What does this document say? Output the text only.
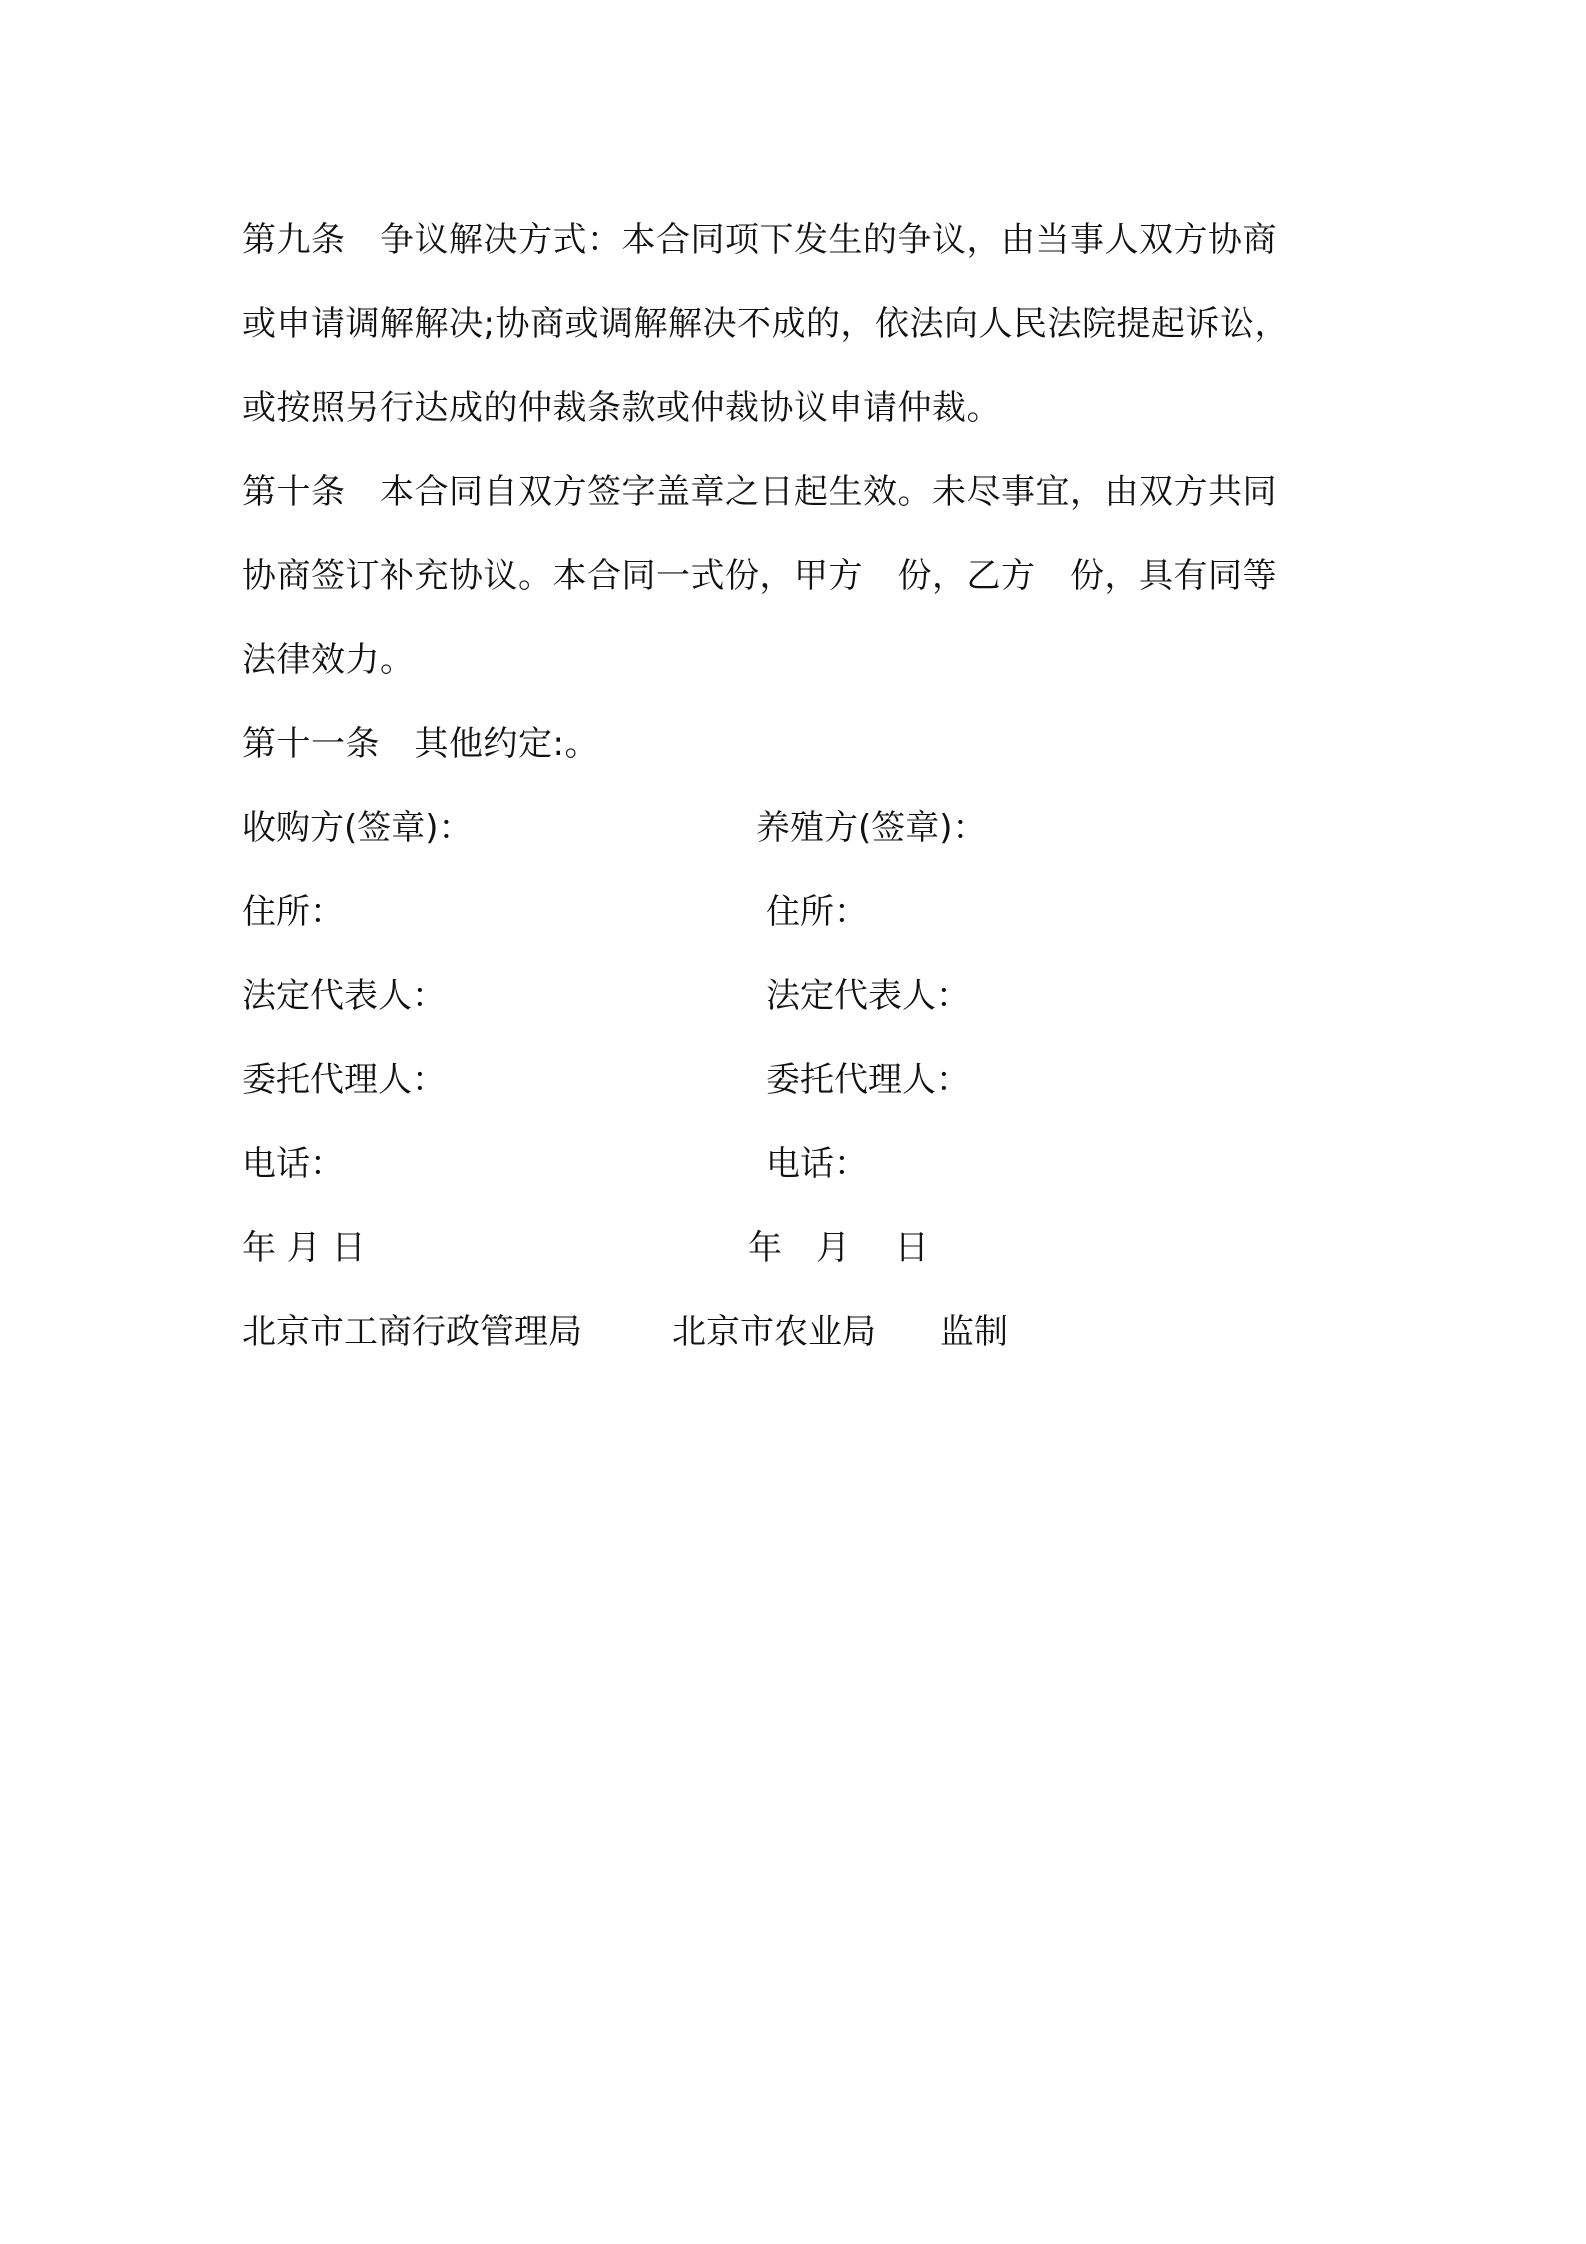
第九条　争议解决方式：本合同项下发生的争议，由当事人双方协商
或申请调解解决;协商或调解解决不成的，依法向人民法院提起诉讼，
或按照另行达成的仲裁条款或仲裁协议申请仲裁。
第十条　本合同自双方签字盖章之日起生效。未尽事宜，由双方共同
协商签订补充协议。本合同一式份，甲方　份，乙方　份，具有同等
法律效力。
第十一条　其他约定:。
收购方(签章)：	养殖方(签章)：
住所：	住所：
法定代表人：	法定代表人：
委托代理人：	委托代理人：
电话：	电话：
年 月 日	年　月　 日
北京市工商行政管理局	北京市农业局 监制
